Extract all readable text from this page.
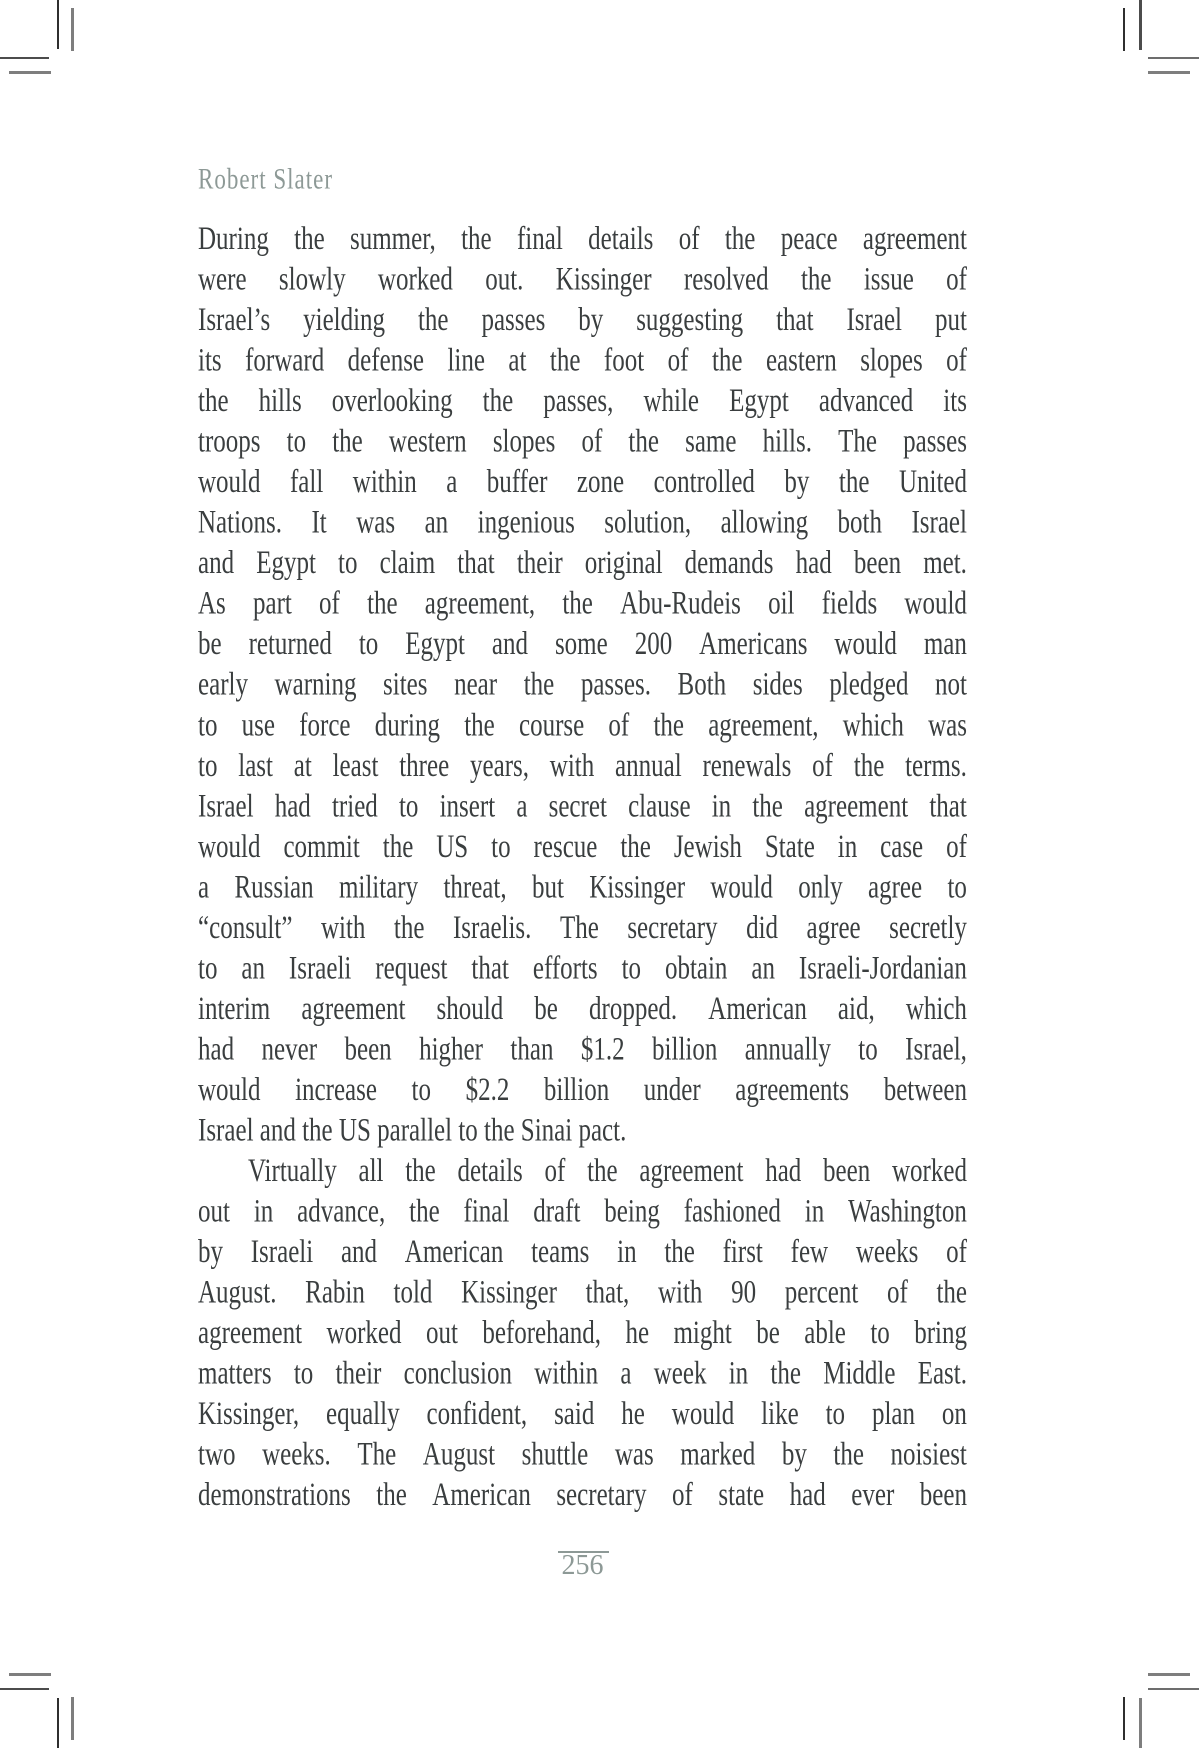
Robert Slater
During the summer, the final details of the peace agreement
were slowly worked out. Kissinger resolved the issue of
Israel’s yielding the passes by suggesting that Israel put
its forward defense line at the foot of the eastern slopes of
the hills overlooking the passes, while Egypt advanced its
troops to the western slopes of the same hills. The passes
would fall within a buffer zone controlled by the United
Nations. It was an ingenious solution, allowing both Israel
and Egypt to claim that their original demands had been met.
As part of the agreement, the Abu-Rudeis oil fields would
be returned to Egypt and some 200 Americans would man
early warning sites near the passes. Both sides pledged not
to use force during the course of the agreement, which was
to last at least three years, with annual renewals of the terms.
Israel had tried to insert a secret clause in the agreement that
would commit the US to rescue the Jewish State in case of
a Russian military threat, but Kissinger would only agree to
“consult” with the Israelis. The secretary did agree secretly
to an Israeli request that efforts to obtain an Israeli-Jordanian
interim agreement should be dropped. American aid, which
had never been higher than $1.2 billion annually to Israel,
would increase to $2.2 billion under agreements between
Israel and the US parallel to the Sinai pact.
Virtually all the details of the agreement had been worked
out in advance, the final draft being fashioned in Washington
by Israeli and American teams in the first few weeks of
August. Rabin told Kissinger that, with 90 percent of the
agreement worked out beforehand, he might be able to bring
matters to their conclusion within a week in the Middle East.
Kissinger, equally confident, said he would like to plan on
two weeks. The August shuttle was marked by the noisiest
demonstrations the American secretary of state had ever been
256
